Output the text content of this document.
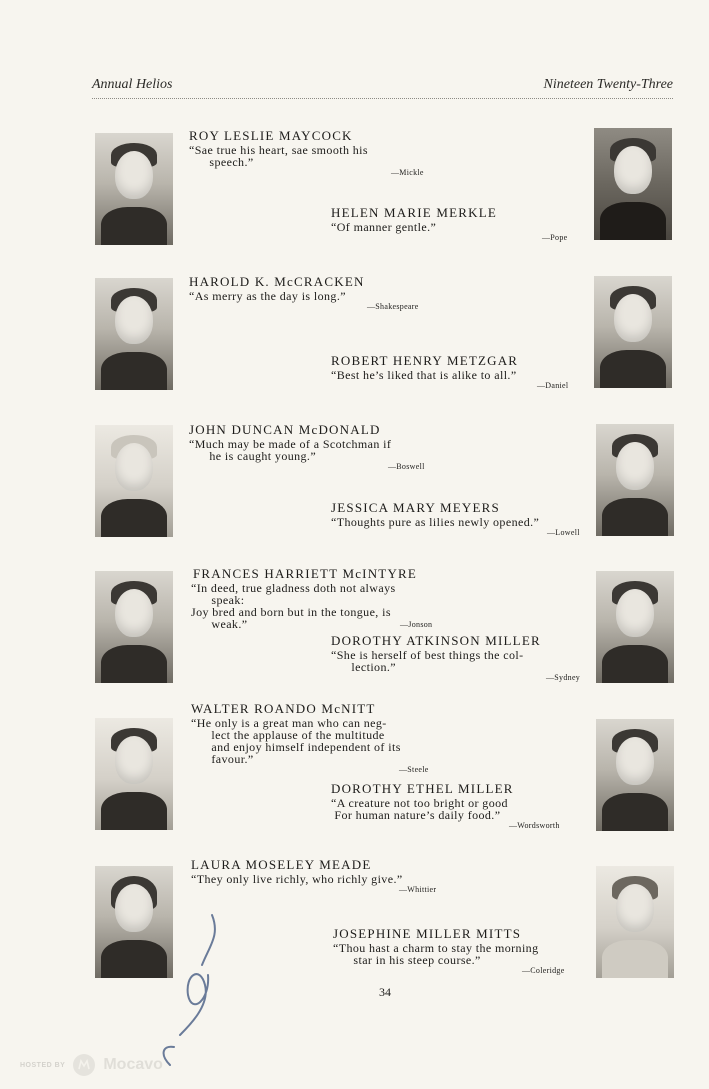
Annual Helios	Nineteen Twenty-Three
ROY LESLIE MAYCOCK
“Sae true his heart, sae smooth his
speech.”
—Mickle
HELEN MARIE MERKLE
“Of manner gentle.”
—Pope
HAROLD K. McCRACKEN
“As merry as the day is long.”
—Shakespeare
ROBERT HENRY METZGAR
“Best he’s liked that is alike to all.”
—Daniel
JOHN DUNCAN McDONALD
“Much may be made of a Scotchman if
he is caught young.”
—Boswell
JESSICA MARY MEYERS
“Thoughts pure as lilies newly opened.”
—Lowell
FRANCES HARRIETT McINTYRE
“In deed, true gladness doth not always
speak:
Joy bred and born but in the tongue, is
weak.”	—Jonson
DOROTHY ATKINSON MILLER
“She is herself of best things the col-
lection.”
—Sydney
WALTER ROANDO McNITT
“He only is a great man who can neg-
lect the applause of the multitude
and enjoy himself independent of its
favour.”
—Steele
DOROTHY ETHEL MILLER
“A creature not too bright or good
For human nature’s daily food.”
—Wordsworth
LAURA MOSELEY MEADE
“They only live richly, who richly give.”
—Whittier
JOSEPHINE MILLER MITTS
“Thou hast a charm to stay the morning
star in his steep course.”
—Coleridge
34
HOSTED BY Mocavo
